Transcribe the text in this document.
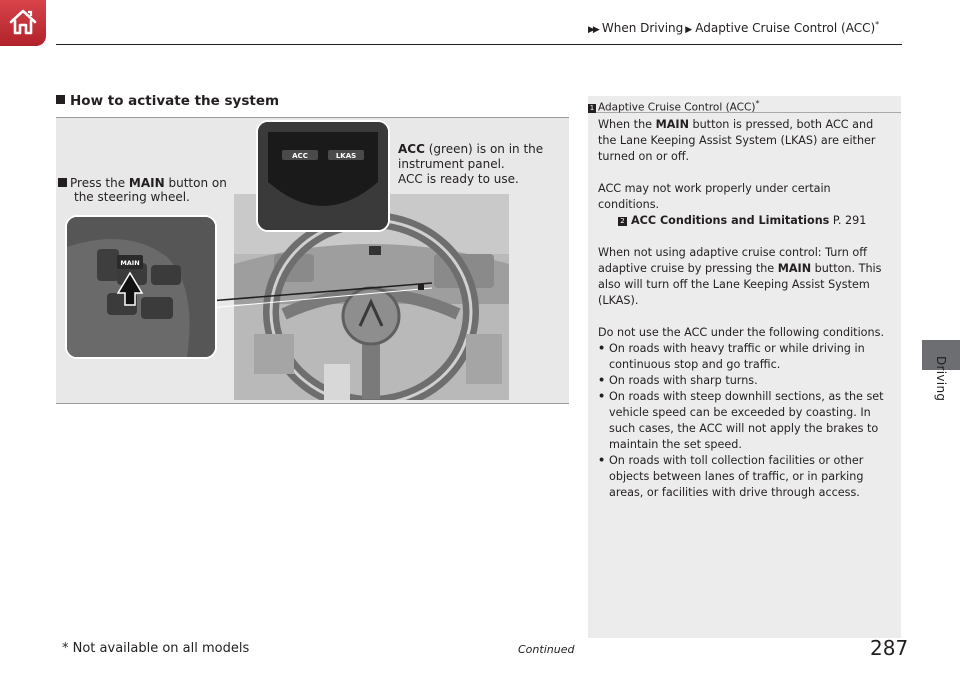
▶▶ When Driving ▶ Adaptive Cruise Control (ACC)*
Driving
How to activate the system
ACC	LKAS
MAIN
Press the MAIN button on
the steering wheel.
ACC (green) is on in the
instrument panel.
ACC is ready to use.
1 Adaptive Cruise Control (ACC)*

When the MAIN button is pressed, both ACC and the Lane Keeping Assist System (LKAS) are either turned on or off.

ACC may not work properly under certain conditions.

2 ACC Conditions and Limitations P. 291

When not using adaptive cruise control: Turn off adaptive cruise by pressing the MAIN button. This also will turn off the Lane Keeping Assist System (LKAS).

Do not use the ACC under the following conditions.

• On roads with heavy traffic or while driving in continuous stop and go traffic.
• On roads with sharp turns.
• On roads with steep downhill sections, as the set vehicle speed can be exceeded by coasting. In such cases, the ACC will not apply the brakes to maintain the set speed.
• On roads with toll collection facilities or other objects between lanes of traffic, or in parking areas, or facilities with drive through access.
* Not available on all models	Continued	287
